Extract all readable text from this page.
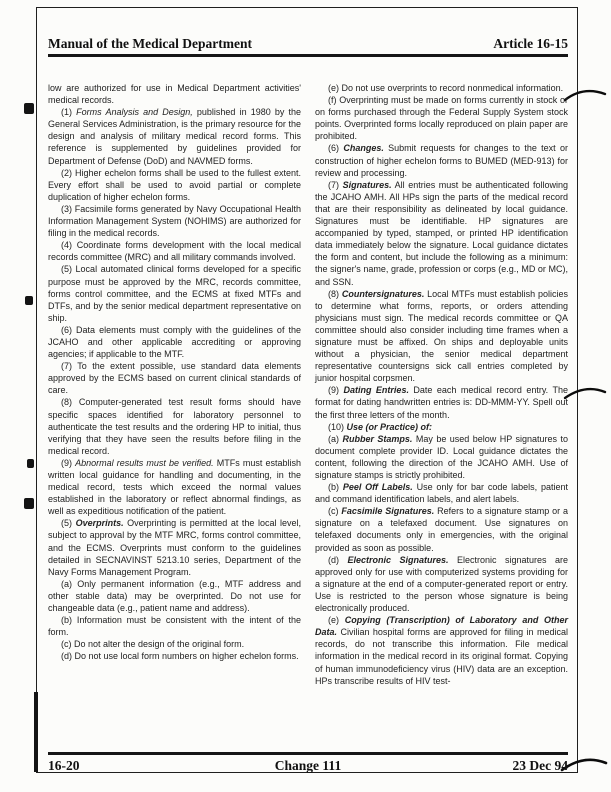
Manual of the Medical Department	Article 16-15

low are authorized for use in Medical Department activities' medical records.

(1) Forms Analysis and Design, published in 1980 by the General Services Administration, is the primary resource for the design and analysis of military medical record forms. This reference is supplemented by guidelines provided for Department of Defense (DoD) and NAVMED forms.

(2) Higher echelon forms shall be used to the fullest extent. Every effort shall be used to avoid partial or complete duplication of higher echelon forms.

(3) Facsimile forms generated by Navy Occupational Health Information Management System (NOHIMS) are authorized for filing in the medical records.

(4) Coordinate forms development with the local medical records committee (MRC) and all military commands involved.

(5) Local automated clinical forms developed for a specific purpose must be approved by the MRC, records committee, forms control committee, and the ECMS at fixed MTFs and DTFs, and by the senior medical department representative on ship.

(6) Data elements must comply with the guidelines of the JCAHO and other applicable accrediting or approving agencies; if applicable to the MTF.

(7) To the extent possible, use standard data elements approved by the ECMS based on current clinical standards of care.

(8) Computer-generated test result forms should have specific spaces identified for laboratory personnel to authenticate the test results and the ordering HP to initial, thus verifying that they have seen the results before filing in the medical record.

(9) Abnormal results must be verified. MTFs must establish written local guidance for handling and documenting, in the medical record, tests which exceed the normal values established in the laboratory or reflect abnormal findings, as well as expeditious notification of the patient.

(5) Overprints. Overprinting is permitted at the local level, subject to approval by the MTF MRC, forms control committee, and the ECMS. Overprints must conform to the guidelines detailed in SECNAVINST 5213.10 series, Department of the Navy Forms Management Program.

(a) Only permanent information (e.g., MTF address and other stable data) may be overprinted. Do not use for changeable data (e.g., patient name and address).

(b) Information must be consistent with the intent of the form.

(c) Do not alter the design of the original form.

(d) Do not use local form numbers on higher echelon forms.

(e) Do not use overprints to record nonmedical information.

(f) Overprinting must be made on forms currently in stock or on forms purchased through the Federal Supply System stock points. Overprinted forms locally reproduced on plain paper are prohibited.

(6) Changes. Submit requests for changes to the text or construction of higher echelon forms to BUMED (MED-913) for review and processing.

(7) Signatures. All entries must be authenticated following the JCAHO AMH. All HPs sign the parts of the medical record that are their responsibility as delineated by local guidance. Signatures must be identifiable. HP signatures are accompanied by typed, stamped, or printed HP identification data immediately below the signature. Local guidance dictates the form and content, but include the following as a minimum: the signer's name, grade, profession or corps (e.g., MD or MC), and SSN.

(8) Countersignatures. Local MTFs must establish policies to determine what forms, reports, or orders attending physicians must sign. The medical records committee or QA committee should also consider including time frames when a signature must be affixed. On ships and deployable units without a physician, the senior medical department representative countersigns sick call entries completed by junior hospital corpsmen.

(9) Dating Entries. Date each medical record entry. The format for dating handwritten entries is: DD-MMM-YY. Spell out the first three letters of the month.

(10) Use (or Practice) of:

(a) Rubber Stamps. May be used below HP signatures to document complete provider ID. Local guidance dictates the content, following the direction of the JCAHO AMH. Use of signature stamps is strictly prohibited.

(b) Peel Off Labels. Use only for bar code labels, patient and command identification labels, and alert labels.

(c) Facsimile Signatures. Refers to a signature stamp or a signature on a telefaxed document. Use signatures on telefaxed documents only in emergencies, with the original provided as soon as possible.

(d) Electronic Signatures. Electronic signatures are approved only for use with computerized systems providing for a signature at the end of a computer-generated report or entry. Use is restricted to the person whose signature is being electronically produced.

(e) Copying (Transcription) of Laboratory and Other Data. Civilian hospital forms are approved for filing in medical records, do not transcribe this information. File medical information in the medical record in its original format. Copying of human immunodeficiency virus (HIV) data are an exception. HPs transcribe results of HIV test-

16-20	Change 111	23 Dec 94
